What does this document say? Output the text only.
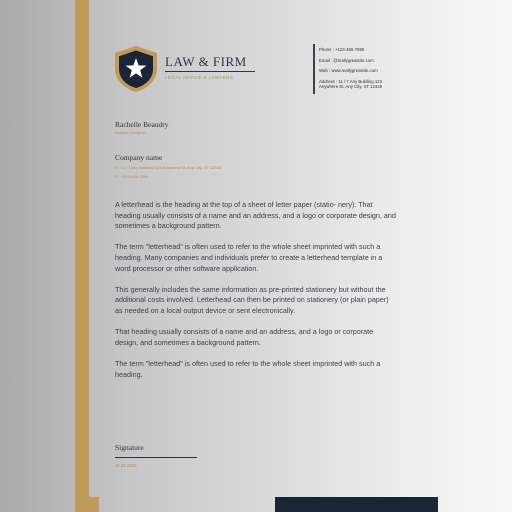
LAW & FIRM
LEGAL ADVICE & LAWYERS
Phone : +123-456-7890
Email : @reallygreatsite.com
Web : www.reallygreatsite.com
Address : 11 / 7 Any Building 123
Anywhere St. Any City, ST 12345
Rachelle Beaudry
Graphic Designer
Company name
A : 11 / 7 Any Building 123 Anywhere St. Any City, ST 12345
P : +123-456-7890

A letterhead is the heading at the top of a sheet of letter paper (statio- nery). That heading usually consists of a name and an address, and a logo or corporate design, and sometimes a background pattern.

The term "letterhead" is often used to refer to the whole sheet imprinted with such a heading. Many companies and individuals prefer to create a letterhead template in a word processor or other software application.

This generally includes the same information as pre-printed stationery but without the additional costs involved. Letterhead can then be printed on stationery (or plain paper) as needed on a local output device or sent electronically.

That heading usually consists of a name and an address, and a logo or corporate design, and sometimes a background pattern.

The term "letterhead" is often used to refer to the whole sheet imprinted with such a heading.

Signature
10.21.2022
